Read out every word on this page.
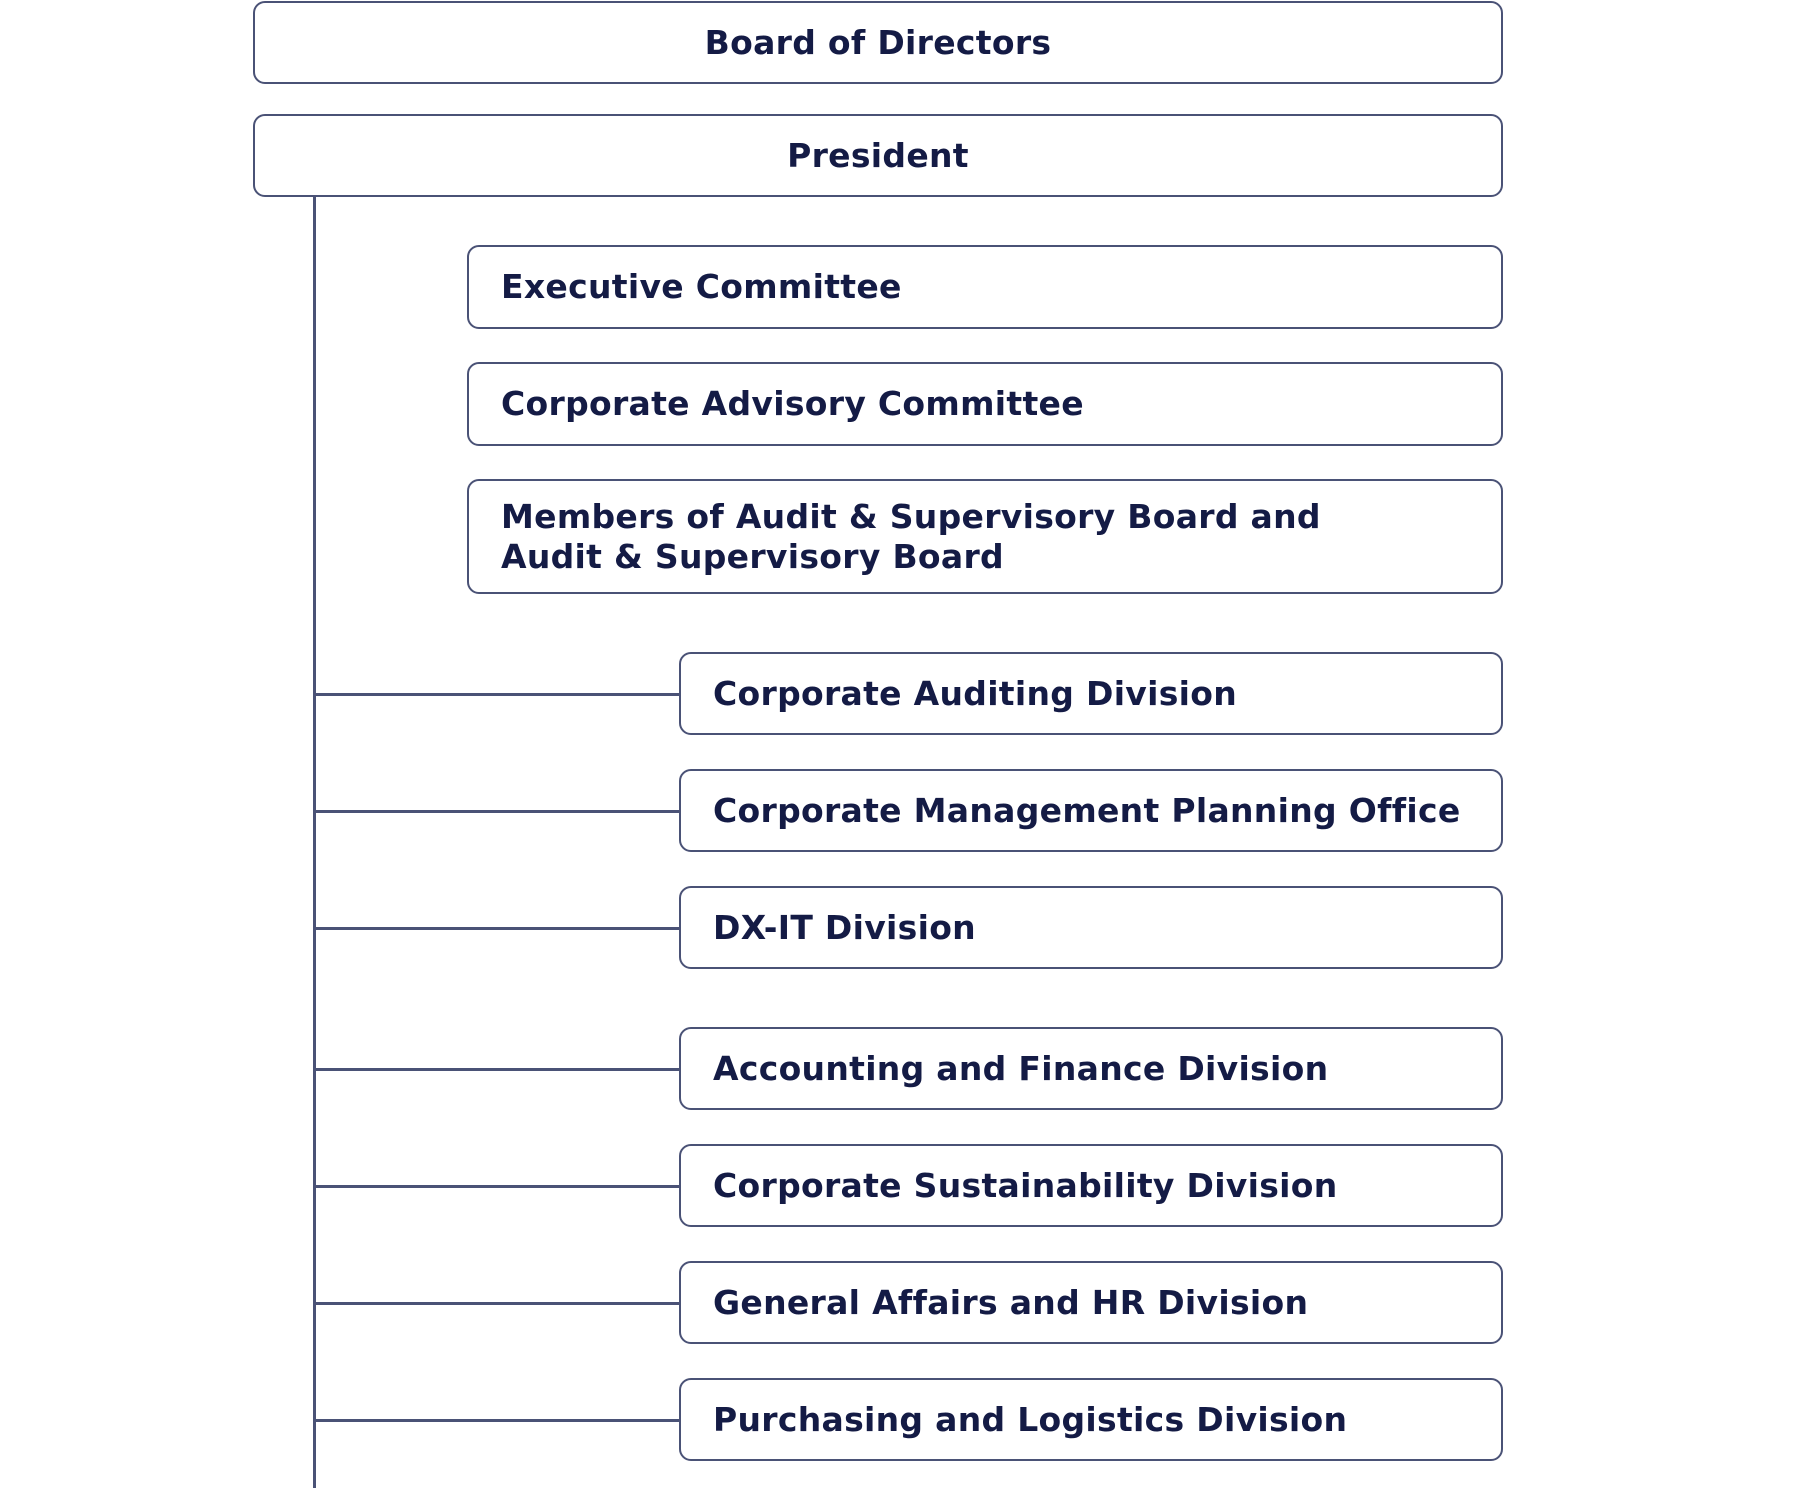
Board of Directors
President
Executive Committee
Corporate Advisory Committee
Members of Audit & Supervisory Board and
Audit & Supervisory Board
Corporate Auditing Division
Corporate Management Planning Office
DX-IT Division
Accounting and Finance Division
Corporate Sustainability Division
General Affairs and HR Division
Purchasing and Logistics Division
